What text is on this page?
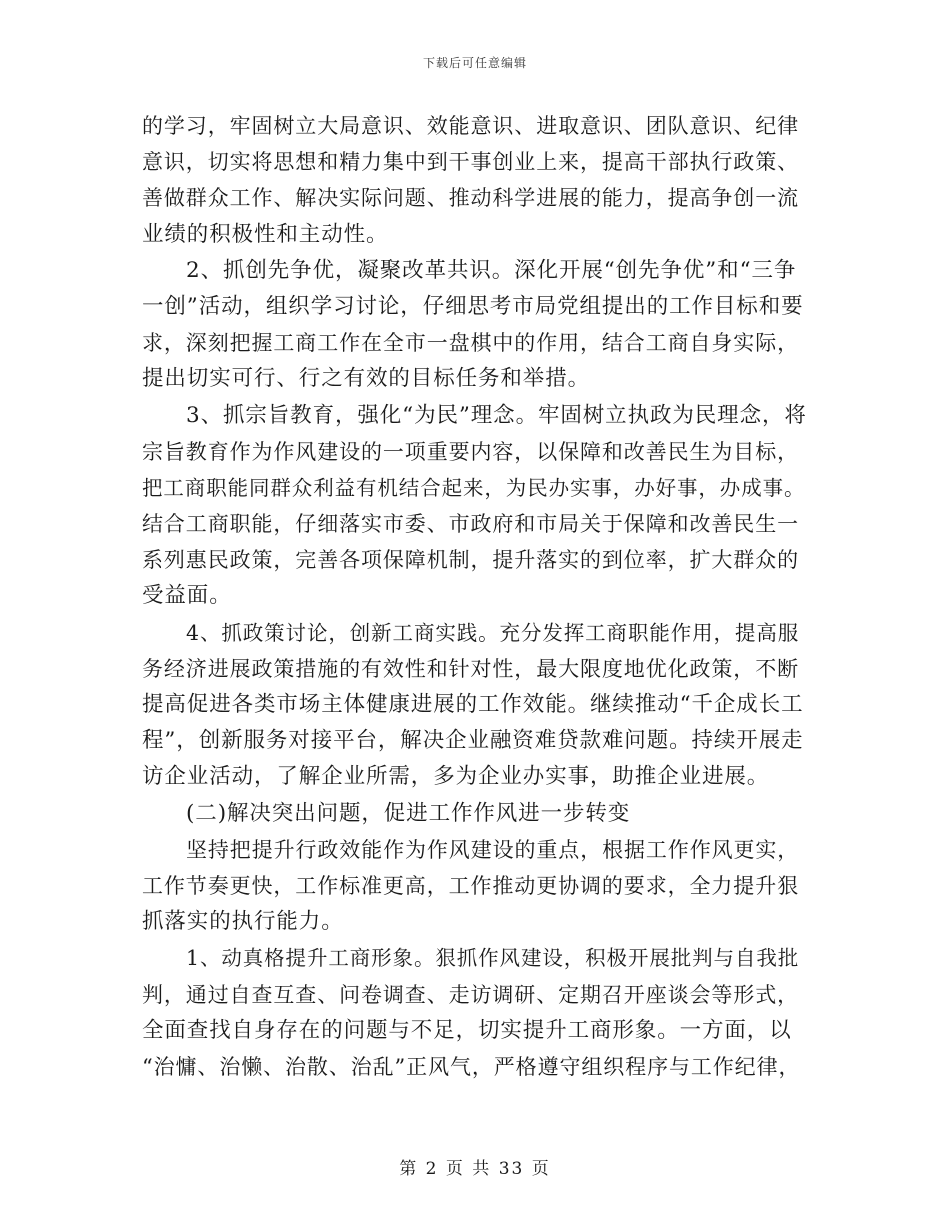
下载后可任意编辑
的学习，牢固树立大局意识、效能意识、进取意识、团队意识、纪律
意识，切实将思想和精力集中到干事创业上来，提高干部执行政策、
善做群众工作、解决实际问题、推动科学进展的能力，提高争创一流
业绩的积极性和主动性。
2、抓创先争优，凝聚改革共识。深化开展“创先争优”和“三争
一创”活动，组织学习讨论，仔细思考市局党组提出的工作目标和要
求，深刻把握工商工作在全市一盘棋中的作用，结合工商自身实际，
提出切实可行、行之有效的目标任务和举措。
3、抓宗旨教育，强化“为民”理念。牢固树立执政为民理念，将
宗旨教育作为作风建设的一项重要内容，以保障和改善民生为目标，
把工商职能同群众利益有机结合起来，为民办实事，办好事，办成事。
结合工商职能，仔细落实市委、市政府和市局关于保障和改善民生一
系列惠民政策，完善各项保障机制，提升落实的到位率，扩大群众的
受益面。
4、抓政策讨论，创新工商实践。充分发挥工商职能作用，提高服
务经济进展政策措施的有效性和针对性，最大限度地优化政策，不断
提高促进各类市场主体健康进展的工作效能。继续推动“千企成长工
程”，创新服务对接平台，解决企业融资难贷款难问题。持续开展走
访企业活动，了解企业所需，多为企业办实事，助推企业进展。
(二)解决突出问题，促进工作作风进一步转变
坚持把提升行政效能作为作风建设的重点，根据工作作风更实，
工作节奏更快，工作标准更高，工作推动更协调的要求，全力提升狠
抓落实的执行能力。
1、动真格提升工商形象。狠抓作风建设，积极开展批判与自我批
判，通过自查互查、问卷调查、走访调研、定期召开座谈会等形式，
全面查找自身存在的问题与不足，切实提升工商形象。一方面，以
“治慵、治懒、治散、治乱”正风气，严格遵守组织程序与工作纪律，
第 2 页 共 33 页
